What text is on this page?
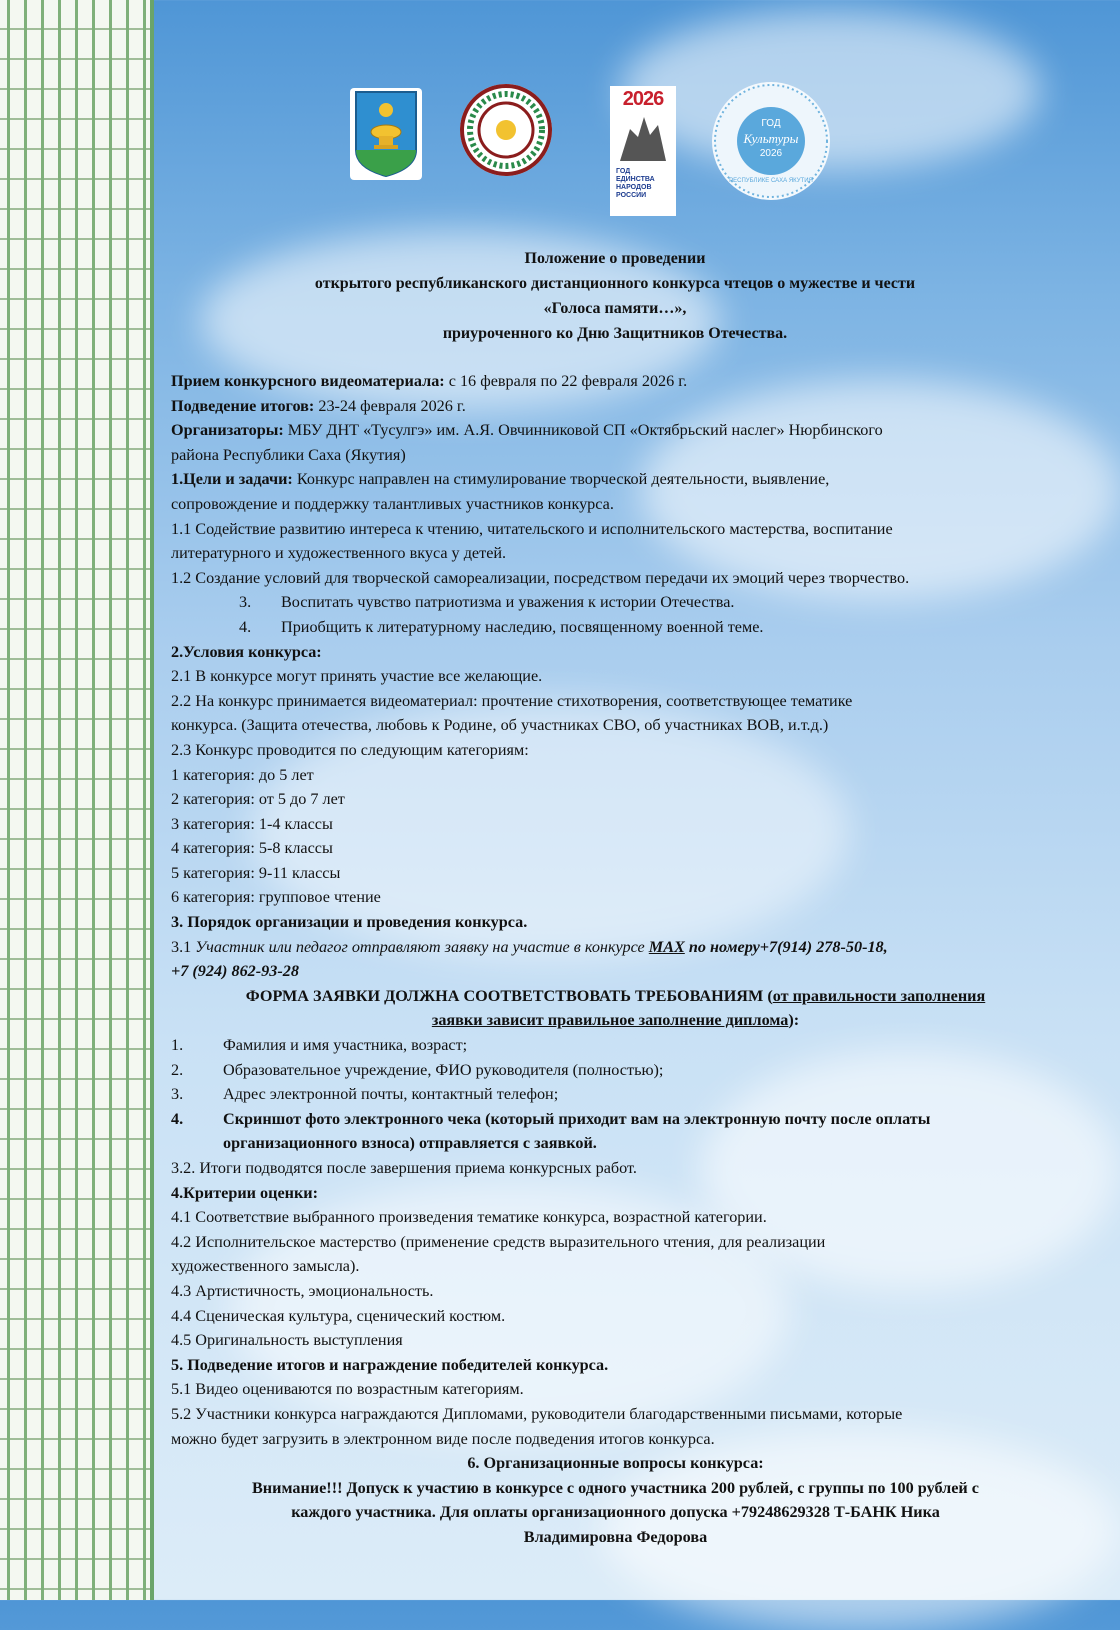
2026
ГОД
ЕДИНСТВА
НАРОДОВ
РОССИИ
ГОД
Культуры
2026
РЕСПУБЛИКЕ САХА ЯКУТИЯ
Положение о проведении
открытого республиканского дистанционного конкурса чтецов о мужестве и чести
«Голоса памяти…»,
приуроченного ко Дню Защитников Отечества.
Прием конкурсного видеоматериала: с 16 февраля по 22 февраля 2026 г.
Подведение итогов: 23-24 февраля 2026 г.
Организаторы: МБУ ДНТ «Тусулгэ» им. А.Я. Овчинниковой СП «Октябрьский наслег» Нюрбинского
района Республики Саха (Якутия)
1.Цели и задачи: Конкурс направлен на стимулирование творческой деятельности, выявление,
сопровождение и поддержку талантливых участников конкурса.
1.1 Содействие развитию интереса к чтению, читательского и исполнительского мастерства, воспитание
литературного и художественного вкуса у детей.
1.2 Создание условий для творческой самореализации, посредством передачи их эмоций через творчество.
3. Воспитать чувство патриотизма и уважения к истории Отечества.
4. Приобщить к литературному наследию, посвященному военной теме.
2.Условия конкурса:
2.1 В конкурсе могут принять участие все желающие.
2.2 На конкурс принимается видеоматериал: прочтение стихотворения, соответствующее тематике
конкурса. (Защита отечества, любовь к Родине, об участниках СВО, об участниках ВОВ, и.т.д.)
2.3 Конкурс проводится по следующим категориям:
1 категория: до 5 лет
2 категория: от 5 до 7 лет
3 категория: 1-4 классы
4 категория: 5-8 классы
5 категория: 9-11 классы
6 категория: групповое чтение
3. Порядок организации и проведения конкурса.
3.1 Участник или педагог отправляют заявку на участие в конкурсе MAX по номеру+7(914) 278-50-18,
+7 (924) 862-93-28
ФОРМА ЗАЯВКИ ДОЛЖНА СООТВЕТСТВОВАТЬ ТРЕБОВАНИЯМ (от правильности заполнения
заявки зависит правильное заполнение диплома):
1.	Фамилия и имя участника, возраст;
2.	Образовательное учреждение, ФИО руководителя (полностью);
3.	Адрес электронной почты, контактный телефон;
4.	Скриншот фото электронного чека (который приходит вам на электронную почту после оплаты
организационного взноса) отправляется с заявкой.
3.2. Итоги подводятся после завершения приема конкурсных работ.
4.Критерии оценки:
4.1 Соответствие выбранного произведения тематике конкурса, возрастной категории.
4.2 Исполнительское мастерство (применение средств выразительного чтения, для реализации
художественного замысла).
4.3 Артистичность, эмоциональность.
4.4 Сценическая культура, сценический костюм.
4.5 Оригинальность выступления
5. Подведение итогов и награждение победителей конкурса.
5.1 Видео оцениваются по возрастным категориям.
5.2 Участники конкурса награждаются Дипломами, руководители благодарственными письмами, которые
можно будет загрузить в электронном виде после подведения итогов конкурса.
6. Организационные вопросы конкурса:
Внимание!!! Допуск к участию в конкурсе с одного участника 200 рублей, с группы по 100 рублей с
каждого участника. Для оплаты организационного допуска +79248629328 Т-БАНК Ника
Владимировна Федорова
